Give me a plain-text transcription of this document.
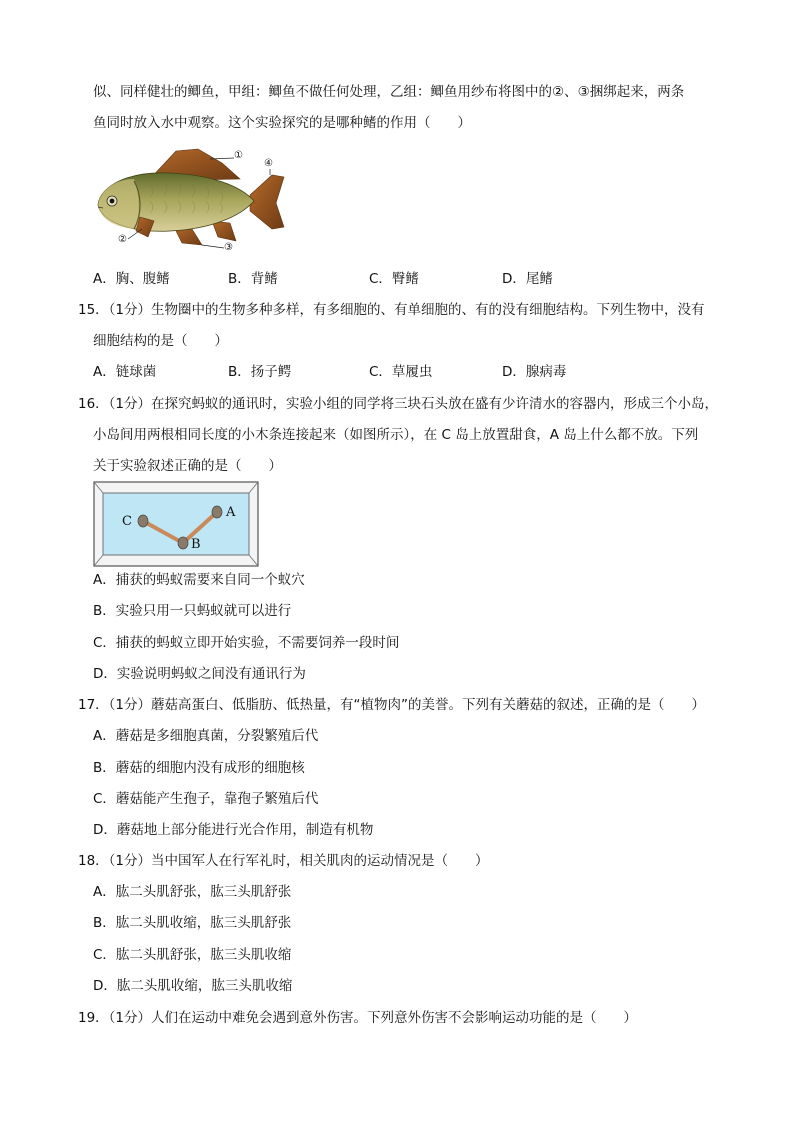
似、同样健壮的鲫鱼，甲组：鲫鱼不做任何处理，乙组：鲫鱼用纱布将图中的②、③捆绑起来，两条
鱼同时放入水中观察。这个实验探究的是哪种鳍的作用（　　）
①
④
②
③
A．胸、腹鳍	B．背鳍	C．臀鳍	D．尾鳍
15．（1分）生物圈中的生物多种多样，有多细胞的、有单细胞的、有的没有细胞结构。下列生物中，没有
细胞结构的是（　　）
A．链球菌	B．扬子鳄	C．草履虫	D．腺病毒
16．（1分）在探究蚂蚁的通讯时，实验小组的同学将三块石头放在盛有少许清水的容器内，形成三个小岛，
小岛间用两根相同长度的小木条连接起来（如图所示），在 C 岛上放置甜食，A 岛上什么都不放。下列
关于实验叙述正确的是（　　）
C
B
A
A．捕获的蚂蚁需要来自同一个蚁穴
B．实验只用一只蚂蚁就可以进行
C．捕获的蚂蚁立即开始实验，不需要饲养一段时间
D．实验说明蚂蚁之间没有通讯行为
17．（1分）蘑菇高蛋白、低脂肪、低热量，有“植物肉”的美誉。下列有关蘑菇的叙述，正确的是（　　）
A．蘑菇是多细胞真菌，分裂繁殖后代
B．蘑菇的细胞内没有成形的细胞核
C．蘑菇能产生孢子，靠孢子繁殖后代
D．蘑菇地上部分能进行光合作用，制造有机物
18．（1分）当中国军人在行军礼时，相关肌肉的运动情况是（　　）
A．肱二头肌舒张，肱三头肌舒张
B．肱二头肌收缩，肱三头肌舒张
C．肱二头肌舒张，肱三头肌收缩
D．肱二头肌收缩，肱三头肌收缩
19．（1分）人们在运动中难免会遇到意外伤害。下列意外伤害不会影响运动功能的是（　　）
